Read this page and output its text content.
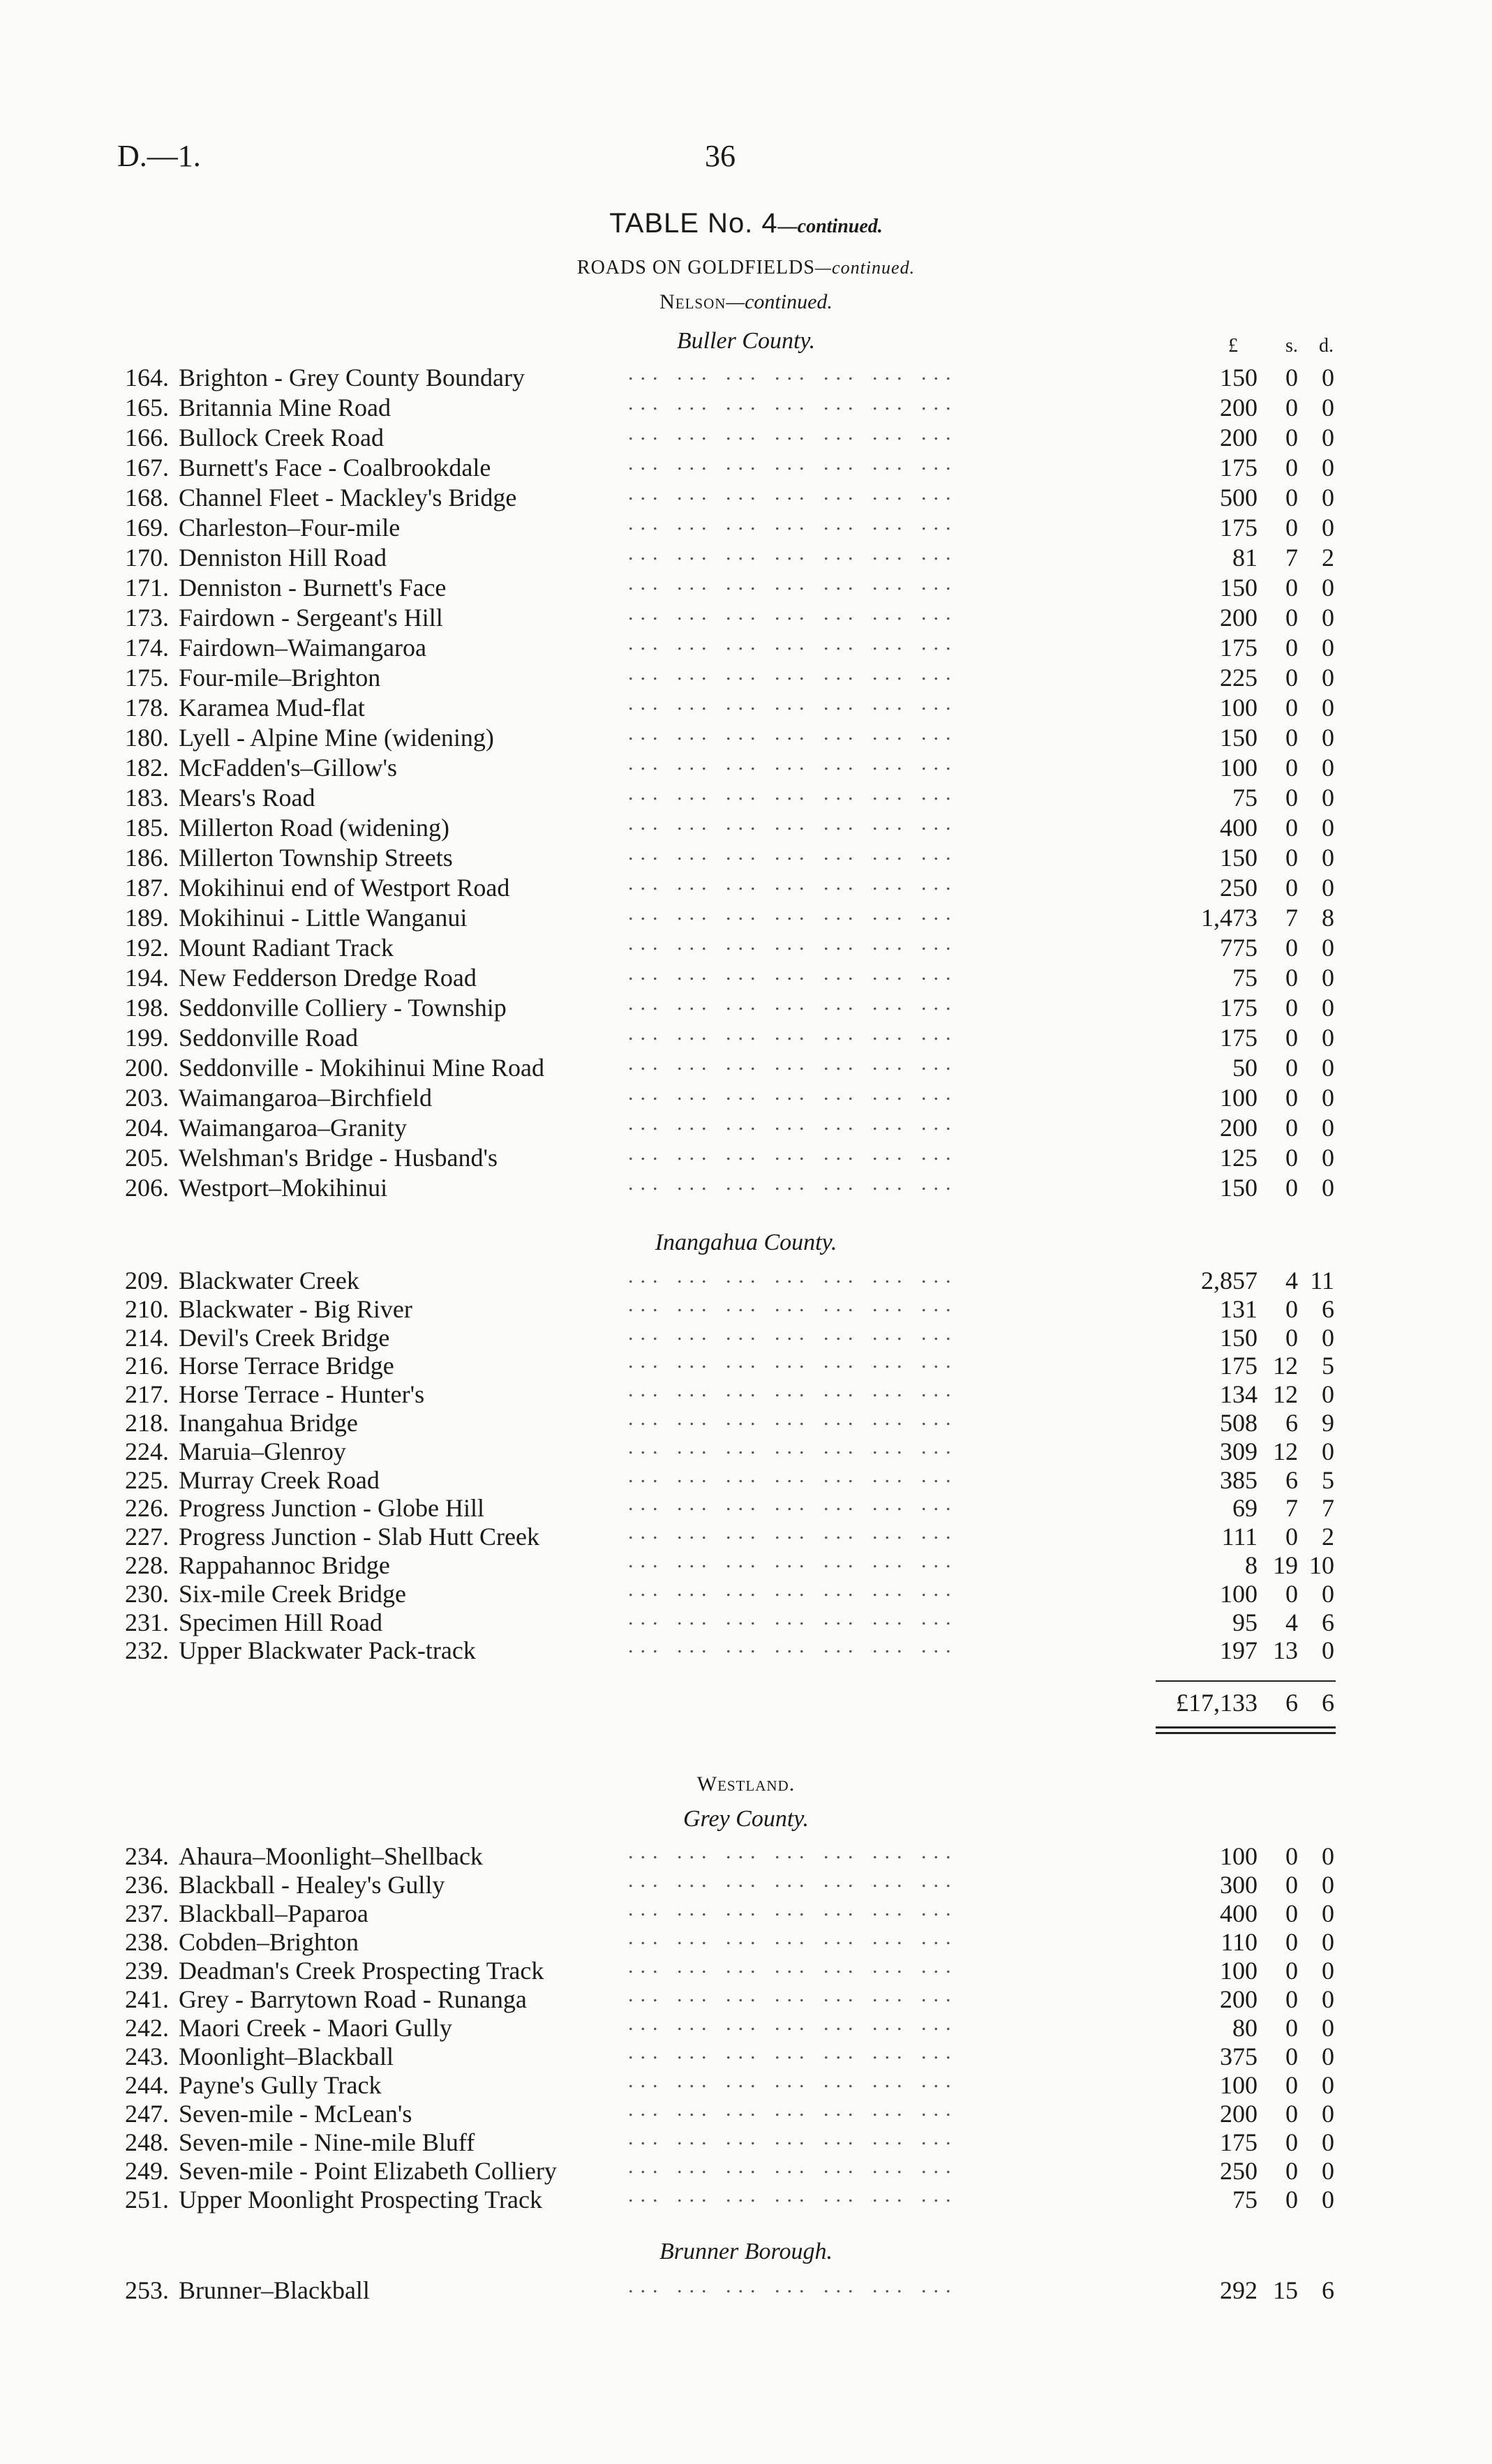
D.—1.	36
TABLE No. 4—continued.
ROADS ON GOLDFIELDS—continued.
Nelson—continued.
Buller County.	£ s. d.
164. Brighton - Grey County Boundary	... ... ... ... ... ... ...	150	0 0
165. Britannia Mine Road	... ... ... ... ... ... ...	200	0 0
166. Bullock Creek Road	... ... ... ... ... ... ...	200	0 0
167. Burnett's Face - Coalbrookdale	... ... ... ... ... ... ...	175	0 0
168. Channel Fleet - Mackley's Bridge	... ... ... ... ... ... ...	500	0 0
169. Charleston–Four-mile	... ... ... ... ... ... ...	175	0 0
170. Denniston Hill Road	... ... ... ... ... ... ...	81	7 2
171. Denniston - Burnett's Face	... ... ... ... ... ... ...	150	0 0
173. Fairdown - Sergeant's Hill	... ... ... ... ... ... ...	200	0 0
174. Fairdown–Waimangaroa	... ... ... ... ... ... ...	175	0 0
175. Four-mile–Brighton	... ... ... ... ... ... ...	225	0 0
178. Karamea Mud-flat	... ... ... ... ... ... ...	100	0 0
180. Lyell - Alpine Mine (widening)	... ... ... ... ... ... ...	150	0 0
182. McFadden's–Gillow's	... ... ... ... ... ... ...	100	0 0
183. Mears's Road	... ... ... ... ... ... ...	75	0 0
185. Millerton Road (widening)	... ... ... ... ... ... ...	400	0 0
186. Millerton Township Streets	... ... ... ... ... ... ...	150	0 0
187. Mokihinui end of Westport Road	... ... ... ... ... ... ...	250	0 0
189. Mokihinui - Little Wanganui	... ... ... ... ... ... ...	1,473	7 8
192. Mount Radiant Track	... ... ... ... ... ... ...	775	0 0
194. New Fedderson Dredge Road	... ... ... ... ... ... ...	75	0 0
198. Seddonville Colliery - Township	... ... ... ... ... ... ...	175	0 0
199. Seddonville Road	... ... ... ... ... ... ...	175	0 0
200. Seddonville - Mokihinui Mine Road	... ... ... ... ... ... ...	50	0 0
203. Waimangaroa–Birchfield	... ... ... ... ... ... ...	100	0 0
204. Waimangaroa–Granity	... ... ... ... ... ... ...	200	0 0
205. Welshman's Bridge - Husband's	... ... ... ... ... ... ...	125	0 0
206. Westport–Mokihinui	... ... ... ... ... ... ...	150	0 0
Inangahua County.
209. Blackwater Creek	... ... ... ... ... ... ...	2,857	4 11
210. Blackwater - Big River	... ... ... ... ... ... ...	131	0 6
214. Devil's Creek Bridge	... ... ... ... ... ... ...	150	0 0
216. Horse Terrace Bridge	... ... ... ... ... ... ...	175 12 5
217. Horse Terrace - Hunter's	... ... ... ... ... ... ...	134 12 0
218. Inangahua Bridge	... ... ... ... ... ... ...	508	6 9
224. Maruia–Glenroy	... ... ... ... ... ... ...	309 12 0
225. Murray Creek Road	... ... ... ... ... ... ...	385	6 5
226. Progress Junction - Globe Hill	... ... ... ... ... ... ...	69	7 7
227. Progress Junction - Slab Hutt Creek	... ... ... ... ... ... ...	111	0 2
228. Rappahannoc Bridge	... ... ... ... ... ... ...	8 19 10
230. Six-mile Creek Bridge	... ... ... ... ... ... ...	100	0 0
231. Specimen Hill Road	... ... ... ... ... ... ...	95	4 6
232. Upper Blackwater Pack-track	... ... ... ... ... ... ...	197 13 0
£17,133	6 6
Westland.
Grey County.
234. Ahaura–Moonlight–Shellback	... ... ... ... ... ... ...	100	0 0
236. Blackball - Healey's Gully	... ... ... ... ... ... ...	300	0 0
237. Blackball–Paparoa	... ... ... ... ... ... ...	400	0 0
238. Cobden–Brighton	... ... ... ... ... ... ...	110	0 0
239. Deadman's Creek Prospecting Track	... ... ... ... ... ... ...	100	0 0
241. Grey - Barrytown Road - Runanga	... ... ... ... ... ... ...	200	0 0
242. Maori Creek - Maori Gully	... ... ... ... ... ... ...	80	0 0
243. Moonlight–Blackball	... ... ... ... ... ... ...	375	0 0
244. Payne's Gully Track	... ... ... ... ... ... ...	100	0 0
247. Seven-mile - McLean's	... ... ... ... ... ... ...	200	0 0
248. Seven-mile - Nine-mile Bluff	... ... ... ... ... ... ...	175	0 0
249. Seven-mile - Point Elizabeth Colliery	... ... ... ... ... ... ...	250	0 0
251. Upper Moonlight Prospecting Track	... ... ... ... ... ... ...	75	0 0
Brunner Borough.
253. Brunner–Blackball	... ... ... ... ... ... ...	292 15 6
